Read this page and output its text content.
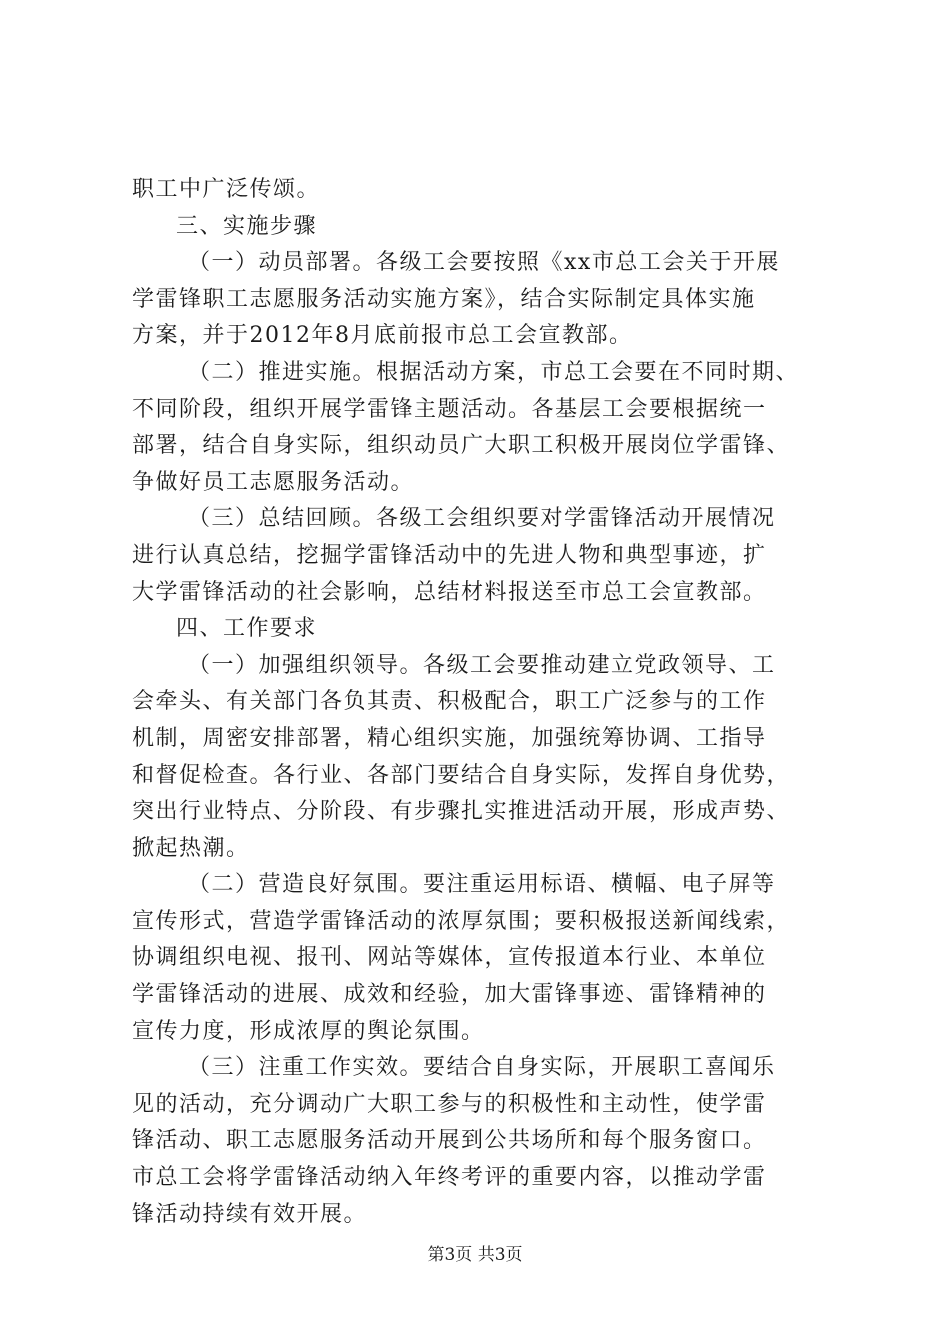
职工中广泛传颂。
三、实施步骤
（一）动员部署。各级工会要按照《xx市总工会关于开展
学雷锋职工志愿服务活动实施方案》，结合实际制定具体实施
方案，并于2012年8月底前报市总工会宣教部。
（二）推进实施。根据活动方案，市总工会要在不同时期、
不同阶段，组织开展学雷锋主题活动。各基层工会要根据统一
部署，结合自身实际，组织动员广大职工积极开展岗位学雷锋、
争做好员工志愿服务活动。
（三）总结回顾。各级工会组织要对学雷锋活动开展情况
进行认真总结，挖掘学雷锋活动中的先进人物和典型事迹，扩
大学雷锋活动的社会影响，总结材料报送至市总工会宣教部。
四、工作要求
（一）加强组织领导。各级工会要推动建立党政领导、工
会牵头、有关部门各负其责、积极配合，职工广泛参与的工作
机制，周密安排部署，精心组织实施，加强统筹协调、工指导
和督促检查。各行业、各部门要结合自身实际，发挥自身优势，
突出行业特点、分阶段、有步骤扎实推进活动开展，形成声势、
掀起热潮。
（二）营造良好氛围。要注重运用标语、横幅、电子屏等
宣传形式，营造学雷锋活动的浓厚氛围；要积极报送新闻线索，
协调组织电视、报刊、网站等媒体，宣传报道本行业、本单位
学雷锋活动的进展、成效和经验，加大雷锋事迹、雷锋精神的
宣传力度，形成浓厚的舆论氛围。
（三）注重工作实效。要结合自身实际，开展职工喜闻乐
见的活动，充分调动广大职工参与的积极性和主动性，使学雷
锋活动、职工志愿服务活动开展到公共场所和每个服务窗口。
市总工会将学雷锋活动纳入年终考评的重要内容，以推动学雷
锋活动持续有效开展。
第3页 共3页
